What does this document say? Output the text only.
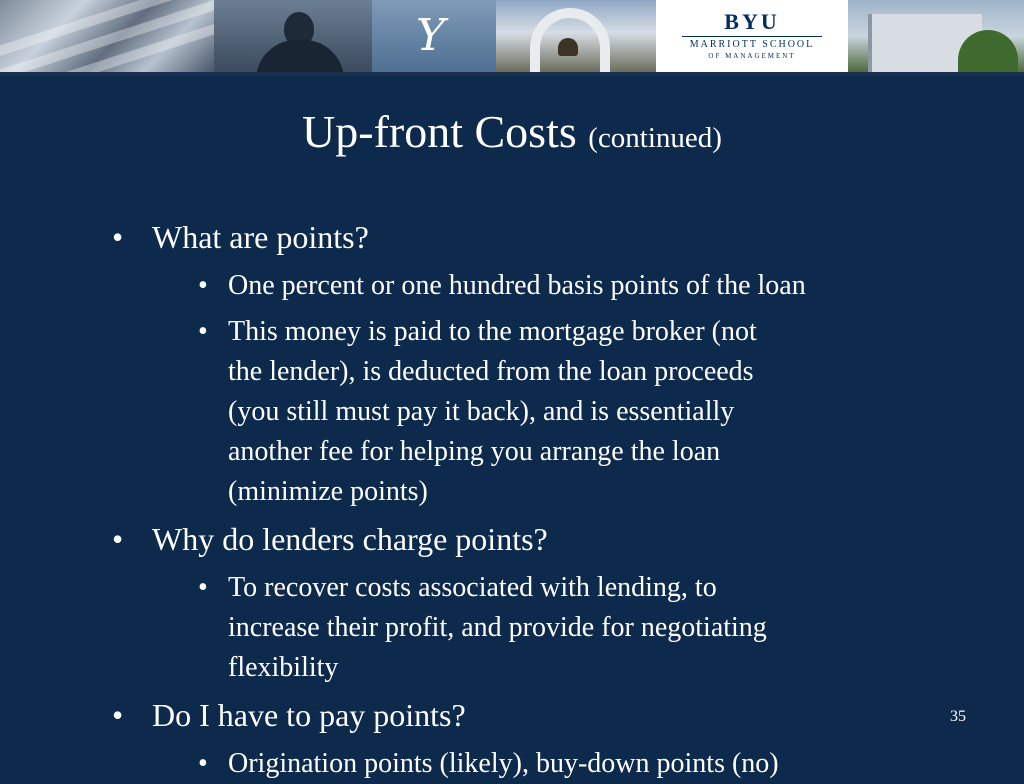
Y	BYU
MARRIOTT SCHOOL
OF MANAGEMENT
Up-front Costs (continued)
• What are points?
• One percent or one hundred basis points of the loan
• This money is paid to the mortgage broker (not the lender), is deducted from the loan proceeds (you still must pay it back), and is essentially another fee for helping you arrange the loan (minimize points)
• Why do lenders charge points?
• To recover costs associated with lending, to increase their profit, and provide for negotiating flexibility
• Do I have to pay points?
• Origination points (likely), buy-down points (no)
35
